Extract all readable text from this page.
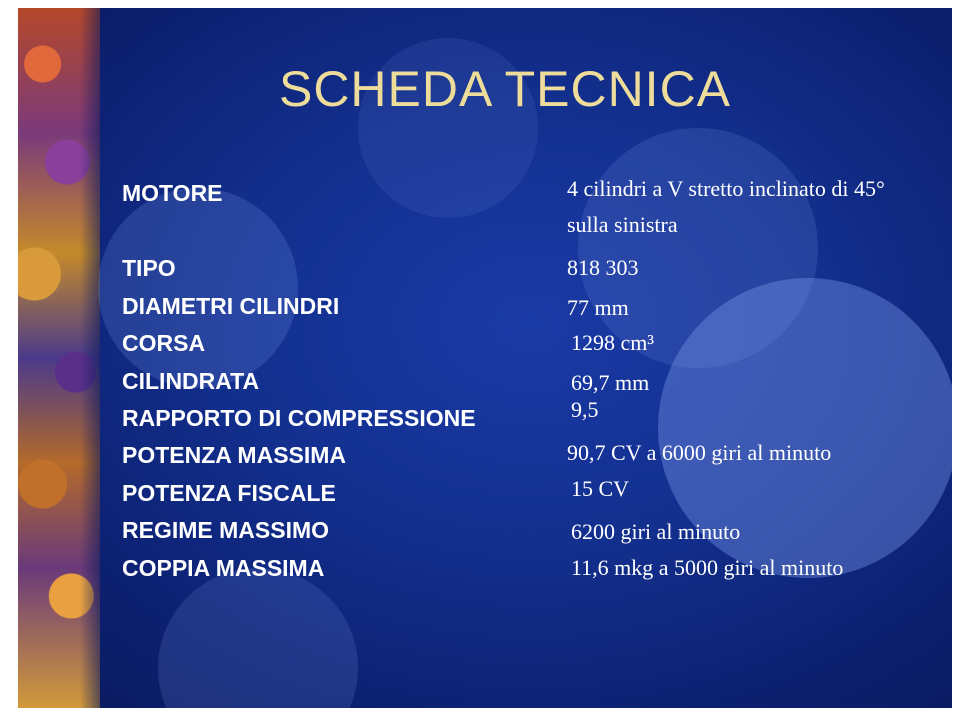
SCHEDA TECNICA
MOTORE	4 cilindri a V stretto inclinato di 45°
sulla sinistra
TIPO	818 303
DIAMETRI CILINDRI	77 mm
CORSA	1298 cm³
CILINDRATA	69,7 mm
RAPPORTO DI COMPRESSIONE	9,5
POTENZA MASSIMA	90,7 CV a 6000 giri al minuto
POTENZA FISCALE	15 CV
REGIME MASSIMO	6200 giri al minuto
COPPIA MASSIMA	11,6 mkg a 5000 giri al minuto
